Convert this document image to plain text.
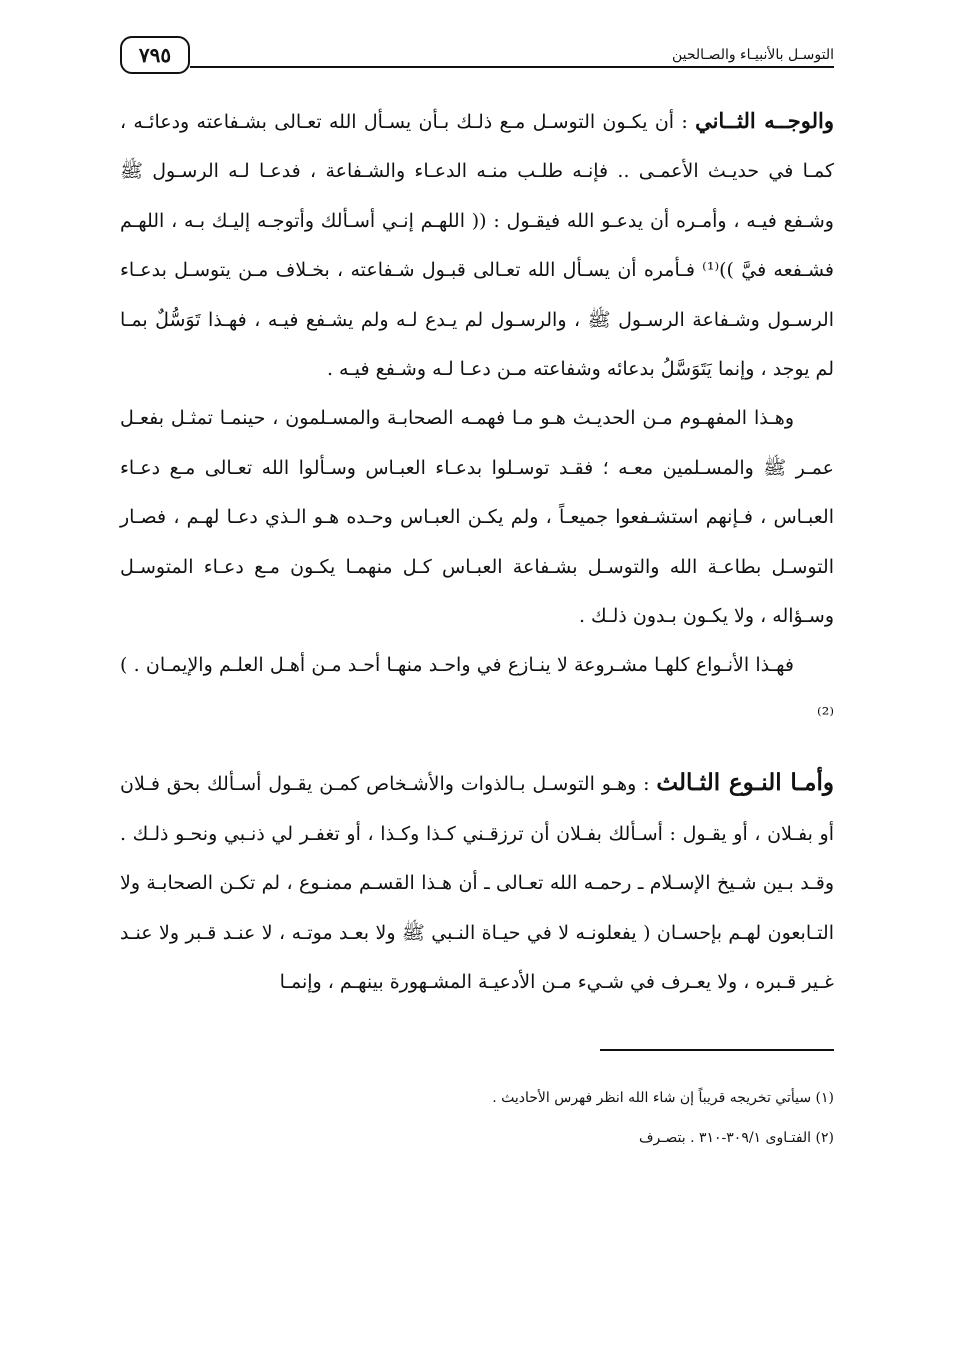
٧٩٥	التوسـل بالأنبيـاء والصـالحين

والوجــه الثــاني : أن يكـون التوسـل مـع ذلـك بـأن يسـأل الله تعـالى بشـفاعته ودعائـه ، كمـا في حديـث الأعمـى .. فإنـه طلـب منـه الدعـاء والشـفاعة ، فدعـا لـه الرسـول ﷺ وشـفع فيـه ، وأمـره أن يدعـو الله فيقـول : (( اللهـم إنـي أسـألك وأتوجـه إليـك بـه ، اللهـم فشـفعه فيَّ ))⁽¹⁾ فـأمره أن يسـأل الله تعـالى قبـول شـفاعته ، بخـلاف مـن يتوسـل بدعـاء الرسـول وشـفاعة الرسـول ﷺ ، والرسـول لم يـدع لـه ولم يشـفع فيـه ، فهـذا تَوَسُّلٌ بمـا لم يوجد ، وإنما يَتَوَسَّلُ بدعائه وشفاعته مـن دعـا لـه وشـفع فيـه .

وهـذا المفهـوم مـن الحديـث هـو مـا فهمـه الصحابـة والمسـلمون ، حينمـا تمثـل بفعـل عمـر ﷺ والمسـلمين معـه ؛ فقـد توسـلوا بدعـاء العبـاس وسـألوا الله تعـالى مـع دعـاء العبـاس ، فـإنهم استشـفعوا جميعـاً ، ولم يكـن العبـاس وحـده هـو الـذي دعـا لهـم ، فصـار التوسـل بطاعـة الله والتوسـل بشـفاعة العبـاس كـل منهمـا يكـون مـع دعـاء المتوسـل وسـؤاله ، ولا يكـون بـدون ذلـك .

فهـذا الأنـواع كلهـا مشـروعة لا ينـازع في واحـد منهـا أحـد مـن أهـل العلـم والإيمـان . )⁽²⁾

وأمـا النـوع الثـالث : وهـو التوسـل بـالذوات والأشـخاص كمـن يقـول أسـألك بحق فـلان أو بفـلان ، أو يقـول : أسـألك بفـلان أن ترزقـني كـذا وكـذا ، أو تغفـر لي ذنـبي ونحـو ذلـك . وقـد بـين شـيخ الإسـلام ـ رحمـه الله تعـالى ـ أن هـذا القسـم ممنـوع ، لم تكـن الصحابـة ولا التـابعون لهـم بإحسـان ( يفعلونـه لا في حيـاة النـبي ﷺ ولا بعـد موتـه ، لا عنـد قـبر ولا عنـد غـير قـبره ، ولا يعـرف في شـيء مـن الأدعيـة المشـهورة بينهـم ، وإنمـا

(١) سيأتي تخريجه قريباً إن شاء الله انظر فهرس الأحاديث .

(٢) الفتـاوى ٣٠٩/١-٣١٠ . بتصـرف
